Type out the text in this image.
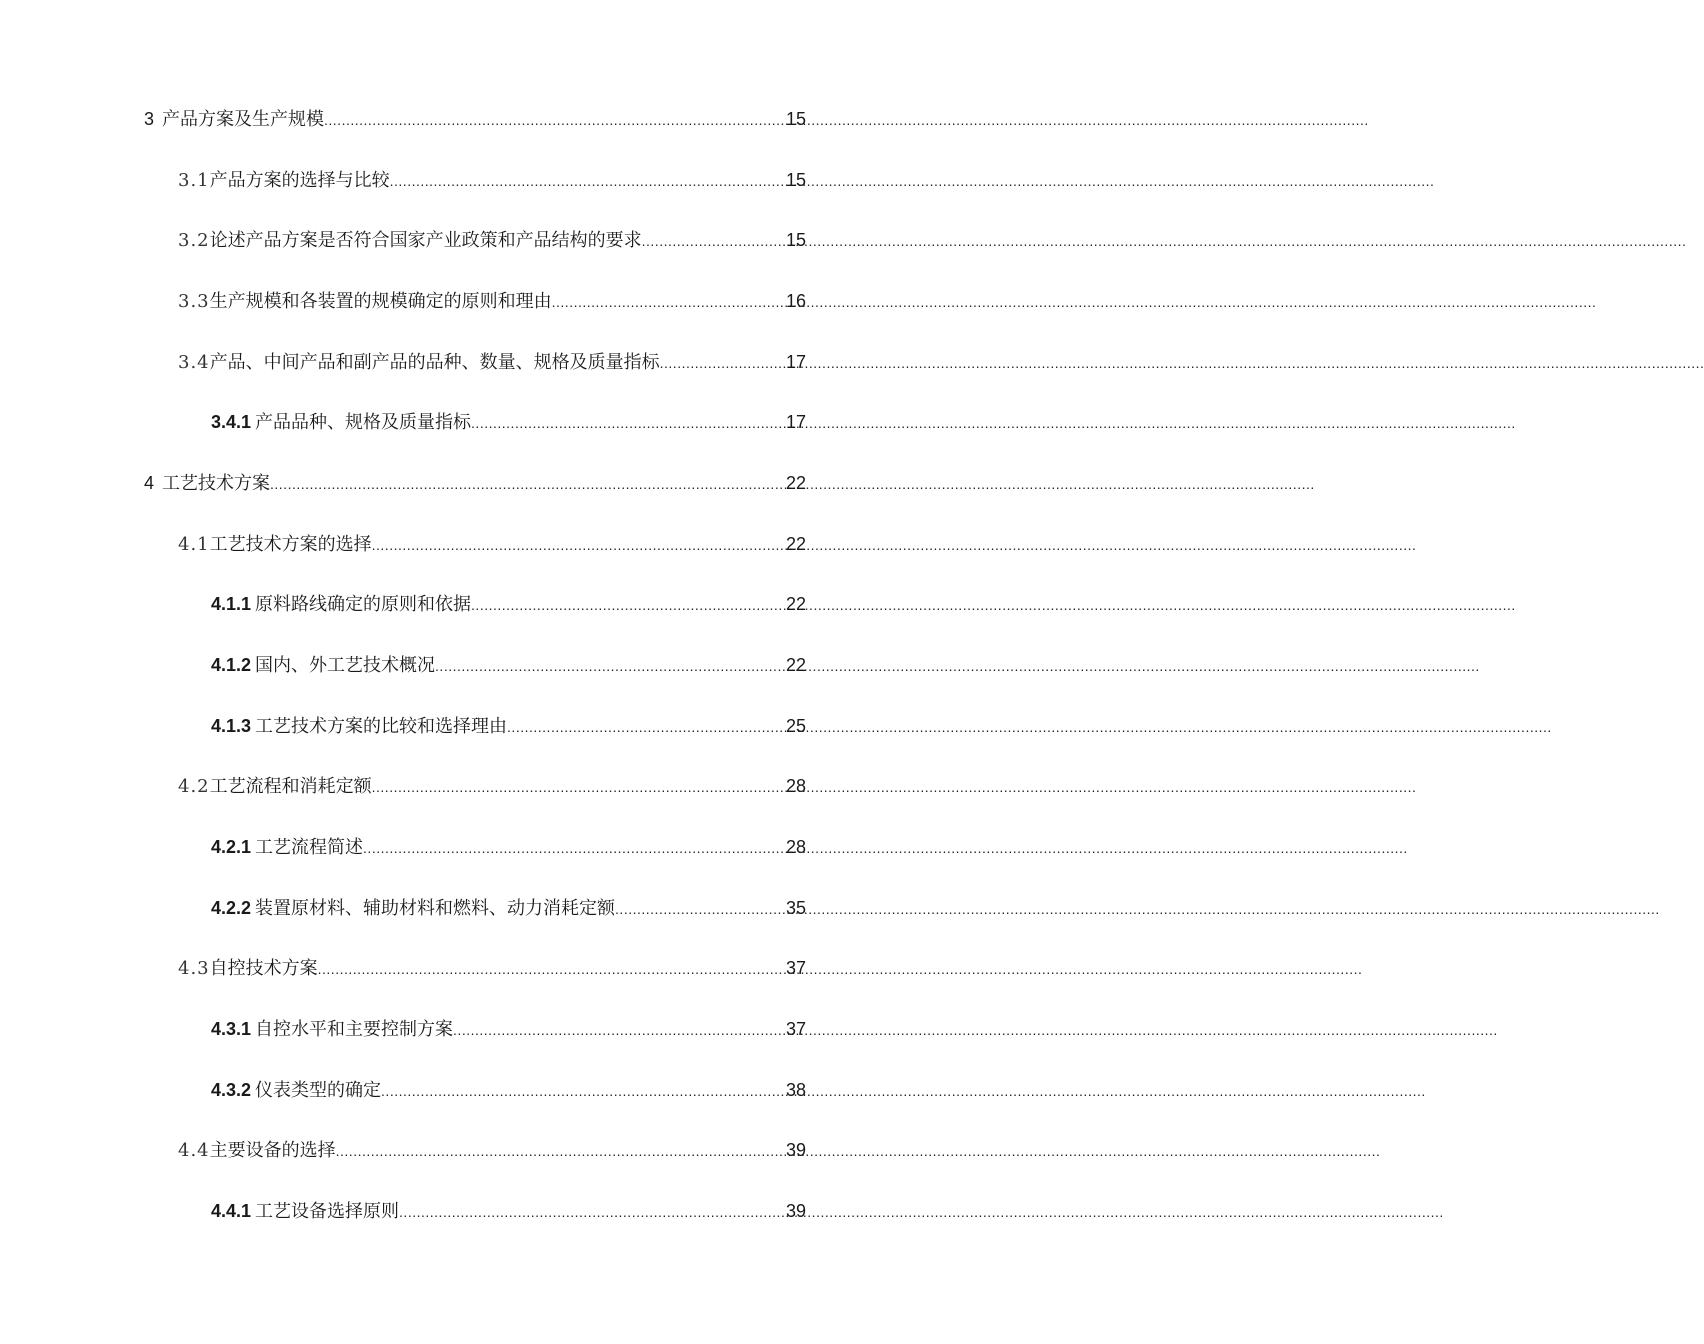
3 产品方案及生产规模 .....	15
3.1产品方案的选择与比较 .....	15
3.2论述产品方案是否符合国家产业政策和产品结构的要求 .....	15
3.3生产规模和各装置的规模确定的原则和理由 .....	16
3.4产品、中间产品和副产品的品种、数量、规格及质量指标 .....	17
3.4.1 产品品种、规格及质量指标 .....	17
4 工艺技术方案 .....	22
4.1工艺技术方案的选择 .....	22
4.1.1 原料路线确定的原则和依据 .....	22
4.1.2 国内、外工艺技术概况 .....	22
4.1.3 工艺技术方案的比较和选择理由 .....	25
4.2工艺流程和消耗定额 .....	28
4.2.1 工艺流程简述 .....	28
4.2.2 装置原材料、辅助材料和燃料、动力消耗定额 .....	35
4.3自控技术方案 .....	37
4.3.1 自控水平和主要控制方案 .....	37
4.3.2 仪表类型的确定 .....	38
4.4主要设备的选择 .....	39
4.4.1 工艺设备选择原则 .....	39
